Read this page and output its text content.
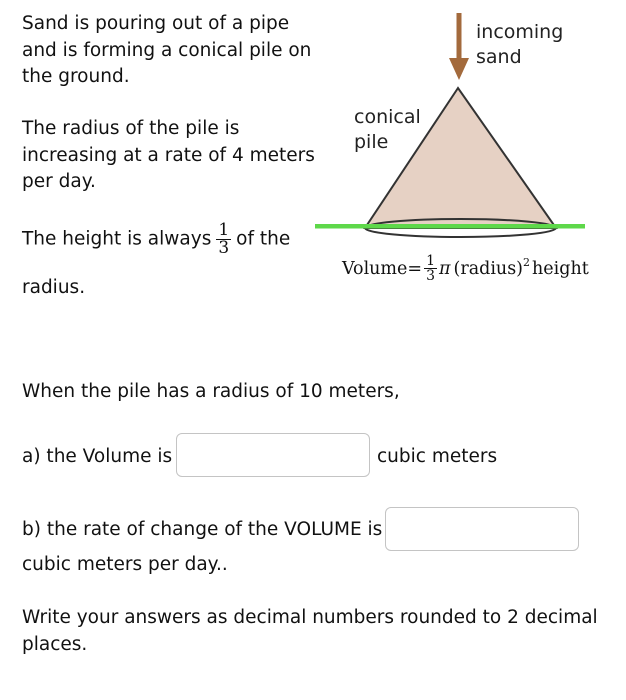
Sand is pouring out of a pipe
and is forming a conical pile on
the ground.
The radius of the pile is
increasing at a rate of 4 meters
per day.
The height is always $\frac{1}{3}$ of the
radius.
incoming
sand
conical
pile
Volume= $\frac{1}{3}$ π (radius)$^2$ height
When the pile has a radius of 10 meters,
a) the Volume is	cubic meters
b) the rate of change of the VOLUME is
cubic meters per day..
Write your answers as decimal numbers rounded to 2 decimal
places.
